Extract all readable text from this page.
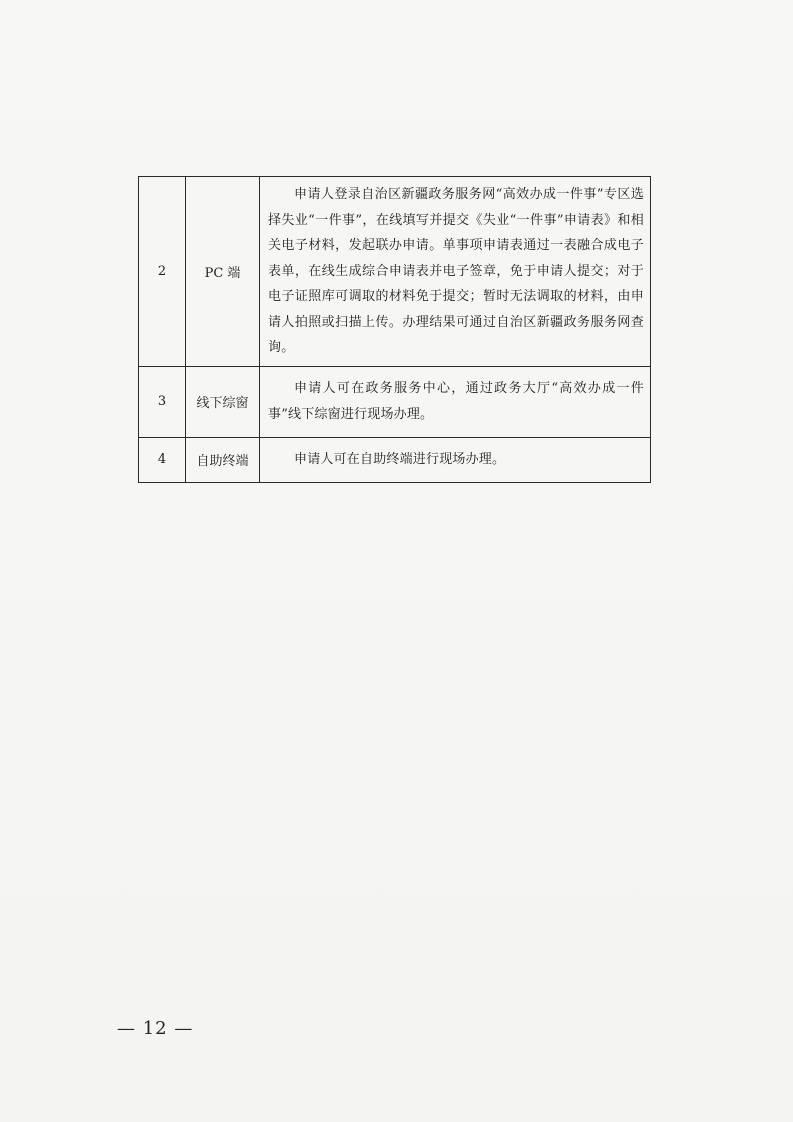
2	PC 端	申请人登录自治区新疆政务服务网“高效办成一件事”专区选择失业“一件事”，在线填写并提交《失业“一件事”申请表》和相关电子材料，发起联办申请。单事项申请表通过一表融合成电子表单，在线生成综合申请表并电子签章，免于申请人提交；对于电子证照库可调取的材料免于提交；暂时无法调取的材料，由申请人拍照或扫描上传。办理结果可通过自治区新疆政务服务网查询。
3	线下综窗	申请人可在政务服务中心，通过政务大厅“高效办成一件事”线下综窗进行现场办理。
4	自助终端	申请人可在自助终端进行现场办理。
— 12 —
